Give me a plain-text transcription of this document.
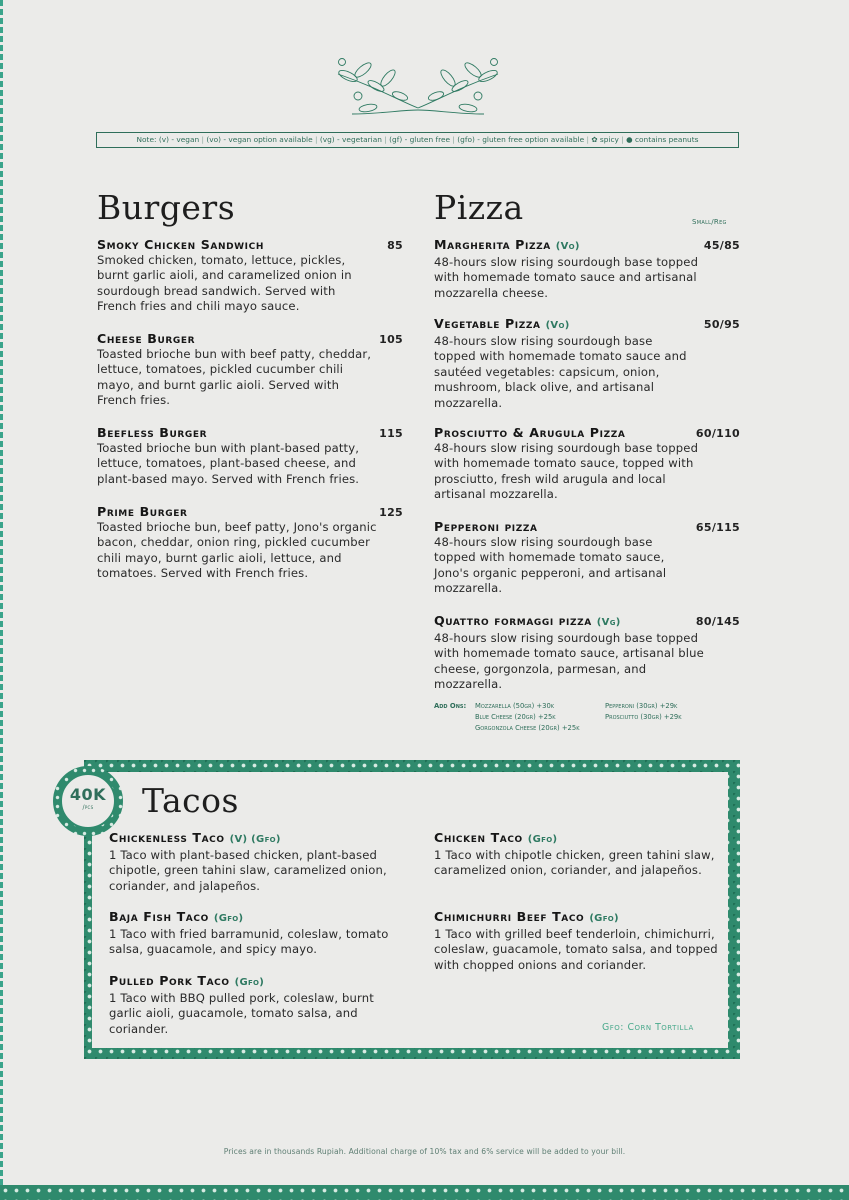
Note: (v) - vegan | (vo) - vegan option available | (vg) - vegetarian | (gf) - gluten free | (gfo) - gluten free option available | ✿ spicy | ● contains peanuts
Burgers
Smoky Chicken Sandwich	85
Smoked chicken, tomato, lettuce, pickles, burnt garlic aioli, and caramelized onion in sourdough bread sandwich. Served with French fries and chili mayo sauce.
Cheese Burger	105
Toasted brioche bun with beef patty, cheddar, lettuce, tomatoes, pickled cucumber chili mayo, and burnt garlic aioli. Served with French fries.
Beefless Burger	115
Toasted brioche bun with plant-based patty, lettuce, tomatoes, plant-based cheese, and plant-based mayo. Served with French fries.
Prime Burger	125
Toasted brioche bun, beef patty, Jono's organic bacon, cheddar, onion ring, pickled cucumber chili mayo, burnt garlic aioli, lettuce, and tomatoes. Served with French fries.
Pizza	Small/Reg
Margherita Pizza (Vo)	45/85
48-hours slow rising sourdough base topped with homemade tomato sauce and artisanal mozzarella cheese.
Vegetable Pizza (Vo)	50/95
48-hours slow rising sourdough base topped with homemade tomato sauce and sautéed vegetables: capsicum, onion, mushroom, black olive, and artisanal mozzarella.
Prosciutto & Arugula Pizza	60/110
48-hours slow rising sourdough base topped with homemade tomato sauce, topped with prosciutto, fresh wild arugula and local artisanal mozzarella.
Pepperoni pizza	65/115
48-hours slow rising sourdough base topped with homemade tomato sauce, Jono's organic pepperoni, and artisanal mozzarella.
Quattro formaggi pizza (Vg)	80/145
48-hours slow rising sourdough base topped with homemade tomato sauce, artisanal blue cheese, gorgonzola, parmesan, and mozzarella.
Add Ons: Mozzarella (50gr) +30k
Blue Cheese (20gr) +25k
Gorgonzola Cheese (20gr) +25k
Pepperoni (30gr) +29k
Prosciutto (30gr) +29k
40K
/pcs	Tacos
Chickenless Taco (V) (Gfo)
1 Taco with plant-based chicken, plant-based chipotle, green tahini slaw, caramelized onion, coriander, and jalapeños.
Baja Fish Taco (Gfo)
1 Taco with fried barramunid, coleslaw, tomato salsa, guacamole, and spicy mayo.
Pulled Pork Taco (Gfo)
1 Taco with BBQ pulled pork, coleslaw, burnt garlic aioli, guacamole, tomato salsa, and coriander.
Chicken Taco (Gfo)
1 Taco with chipotle chicken, green tahini slaw, caramelized onion, coriander, and jalapeños.
Chimichurri Beef Taco (Gfo)
1 Taco with grilled beef tenderloin, chimichurri, coleslaw, guacamole, tomato salsa, and topped with chopped onions and coriander.
Gfo: Corn Tortilla
Prices are in thousands Rupiah. Additional charge of 10% tax and 6% service will be added to your bill.
